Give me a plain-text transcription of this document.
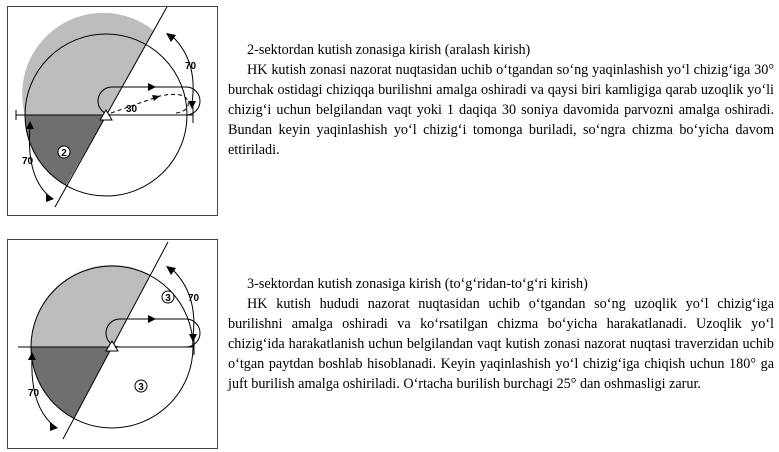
2
70
30
70

2-sektordan kutish zonasiga kirish (aralash kirish)

HK kutish zonasi nazorat nuqtasidan uchib o‘tgandan so‘ng yaqinlashish yo‘l chizig‘iga 30° burchak ostidagi chiziqqa burilishni amalga oshiradi va qaysi biri kamligiga qarab uzoqlik yo‘li chizig‘i uchun belgilandan vaqt yoki 1 daqiqa 30 soniya davomida parvozni amalga oshiradi. Bundan keyin yaqinlashish yo‘l chizig‘i tomonga buriladi, so‘ngra chizma bo‘yicha davom ettiriladi.

3
3
70
70

3-sektordan kutish zonasiga kirish (to‘g‘ridan-to‘g‘ri kirish)

HK kutish hududi nazorat nuqtasidan uchib o‘tgandan so‘ng uzoqlik yo‘l chizig‘iga burilishni amalga oshiradi va ko‘rsatilgan chizma bo‘yicha harakatlanadi. Uzoqlik yo‘l chizig‘ida harakatlanish uchun belgilandan vaqt kutish zonasi nazorat nuqtasi traverzidan uchib o‘tgan paytdan boshlab hisoblanadi. Keyin yaqinlashish yo‘l chizig‘iga chiqish uchun 180° ga juft burilish amalga oshiriladi. O‘rtacha burilish burchagi 25° dan oshmasligi zarur.
